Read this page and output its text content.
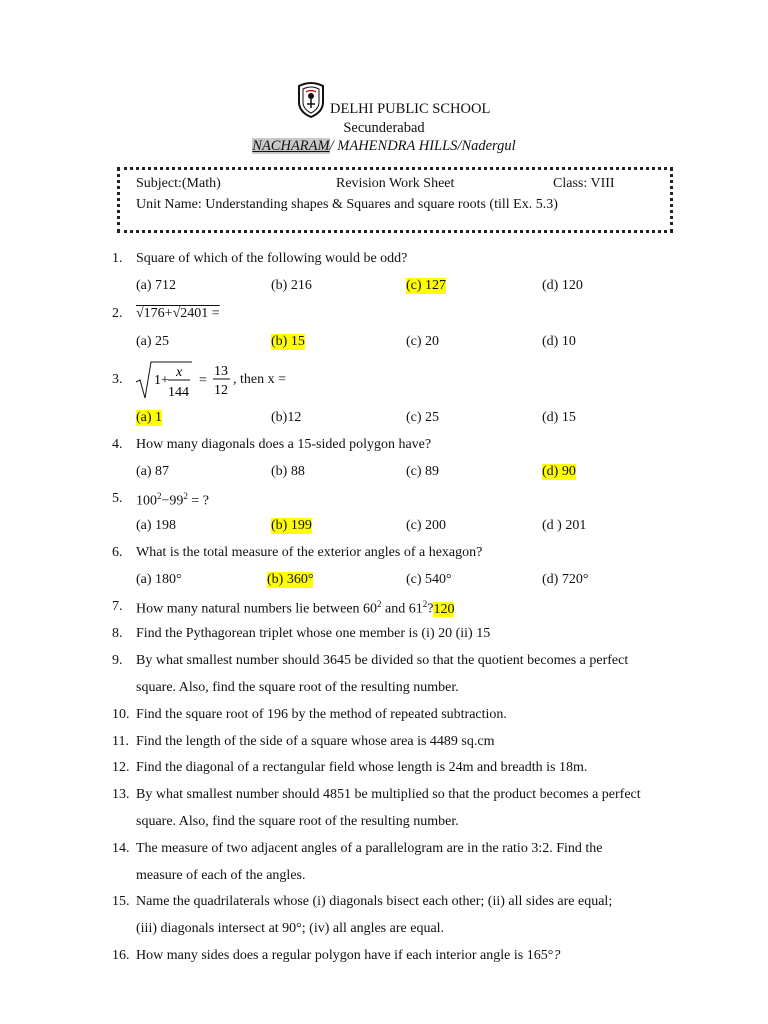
DELHI PUBLIC SCHOOL
Secunderabad
NACHARAM/ MAHENDRA HILLS/Nadergul
Subject:(Math)	Revision Work Sheet	Class: VIII
Unit Name: Understanding shapes & Squares and square roots (till Ex. 5.3)
1. Square of which of the following would be odd?
(a) 712	(b) 216	(c) 127	(d) 120
2. √176+√2401 =
(a) 25	(b) 15	(c) 20	(d) 10
3. 1+
x
144
=
13
12
, then x =
(a) 1	(b)12	(c) 25	(d) 15
4. How many diagonals does a 15-sided polygon have?
(a) 87	(b) 88	(c) 89	(d) 90
5. $100^2-99^2$ = ?
(a) 198	(b) 199	(c) 200	(d ) 201
6. What is the total measure of the exterior angles of a hexagon?
(a) 180°	(b) 360°	(c) 540°	(d) 720°
7. How many natural numbers lie between $60^2$ and $61^2?120$
8. Find the Pythagorean triplet whose one member is (i) 20 (ii) 15
9. By what smallest number should 3645 be divided so that the quotient becomes a perfect
square. Also, find the square root of the resulting number.
10. Find the square root of 196 by the method of repeated subtraction.
11. Find the length of the side of a square whose area is 4489 sq.cm
12. Find the diagonal of a rectangular field whose length is 24m and breadth is 18m.
13. By what smallest number should 4851 be multiplied so that the product becomes a perfect
square. Also, find the square root of the resulting number.
14. The measure of two adjacent angles of a parallelogram are in the ratio 3:2. Find the
measure of each of the angles.
15. Name the quadrilaterals whose (i) diagonals bisect each other; (ii) all sides are equal;
(iii) diagonals intersect at 90°; (iv) all angles are equal.
16. How many sides does a regular polygon have if each interior angle is 165°?
